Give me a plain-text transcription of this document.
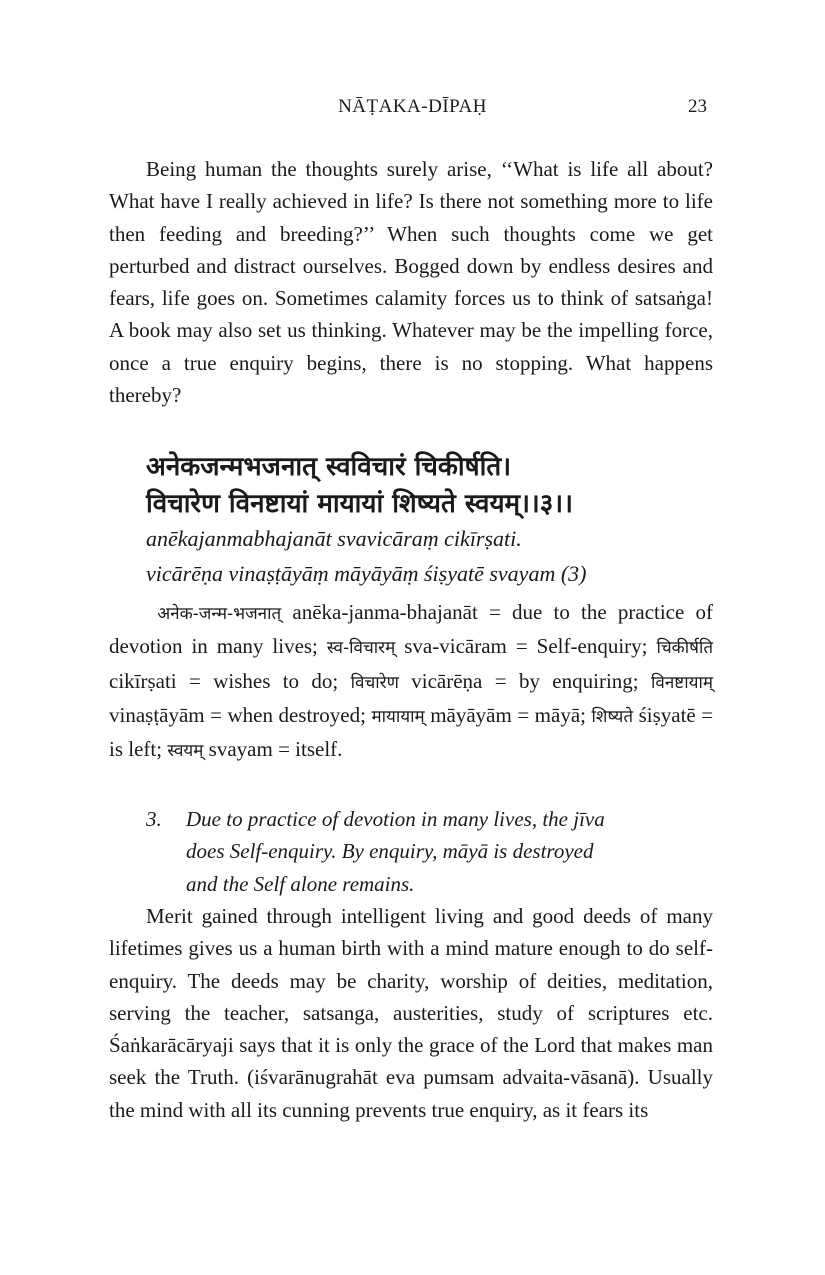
NĀṬAKA-DĪPAḤ	23

Being human the thoughts surely arise, ‘‘What is life all about? What have I really achieved in life? Is there not something more to life then feeding and breeding?’’ When such thoughts come we get perturbed and distract ourselves. Bogged down by endless desires and fears, life goes on. Sometimes calamity forces us to think of satsaṅga! A book may also set us thinking. Whatever may be the impelling force, once a true enquiry begins, there is no stopping. What happens thereby?

अनेकजन्मभजनात् स्वविचारं चिकीर्षति।
विचारेण विनष्टायां मायायां शिष्यते स्वयम्।।३।।
anēkajanmabhajanāt svavicāraṃ cikīrṣati.
vicārēṇa vinaṣṭāyāṃ māyāyāṃ śiṣyatē svayam (3)

अनेक-जन्म-भजनात् anēka-janma-bhajanāt = due to the practice of devotion in many lives; स्व-विचारम् sva-vicāram = Self-enquiry; चिकीर्षति cikīrṣati = wishes to do; विचारेण vicārēṇa = by enquiring; विनष्टायाम् vinaṣṭāyām = when destroyed; मायायाम् māyāyām = māyā; शिष्यते śiṣyatē = is left; स्वयम् svayam = itself.

3. Due to practice of devotion in many lives, the jīva
does Self-enquiry. By enquiry, māyā is destroyed
and the Self alone remains.

Merit gained through intelligent living and good deeds of many lifetimes gives us a human birth with a mind mature enough to do self-enquiry. The deeds may be charity, worship of deities, meditation, serving the teacher, satsanga, austerities, study of scriptures etc. Śaṅkarācāryaji says that it is only the grace of the Lord that makes man seek the Truth. (iśvarānugrahāt eva pumsam advaita-vāsanā). Usually the mind with all its cunning prevents true enquiry, as it fears its
